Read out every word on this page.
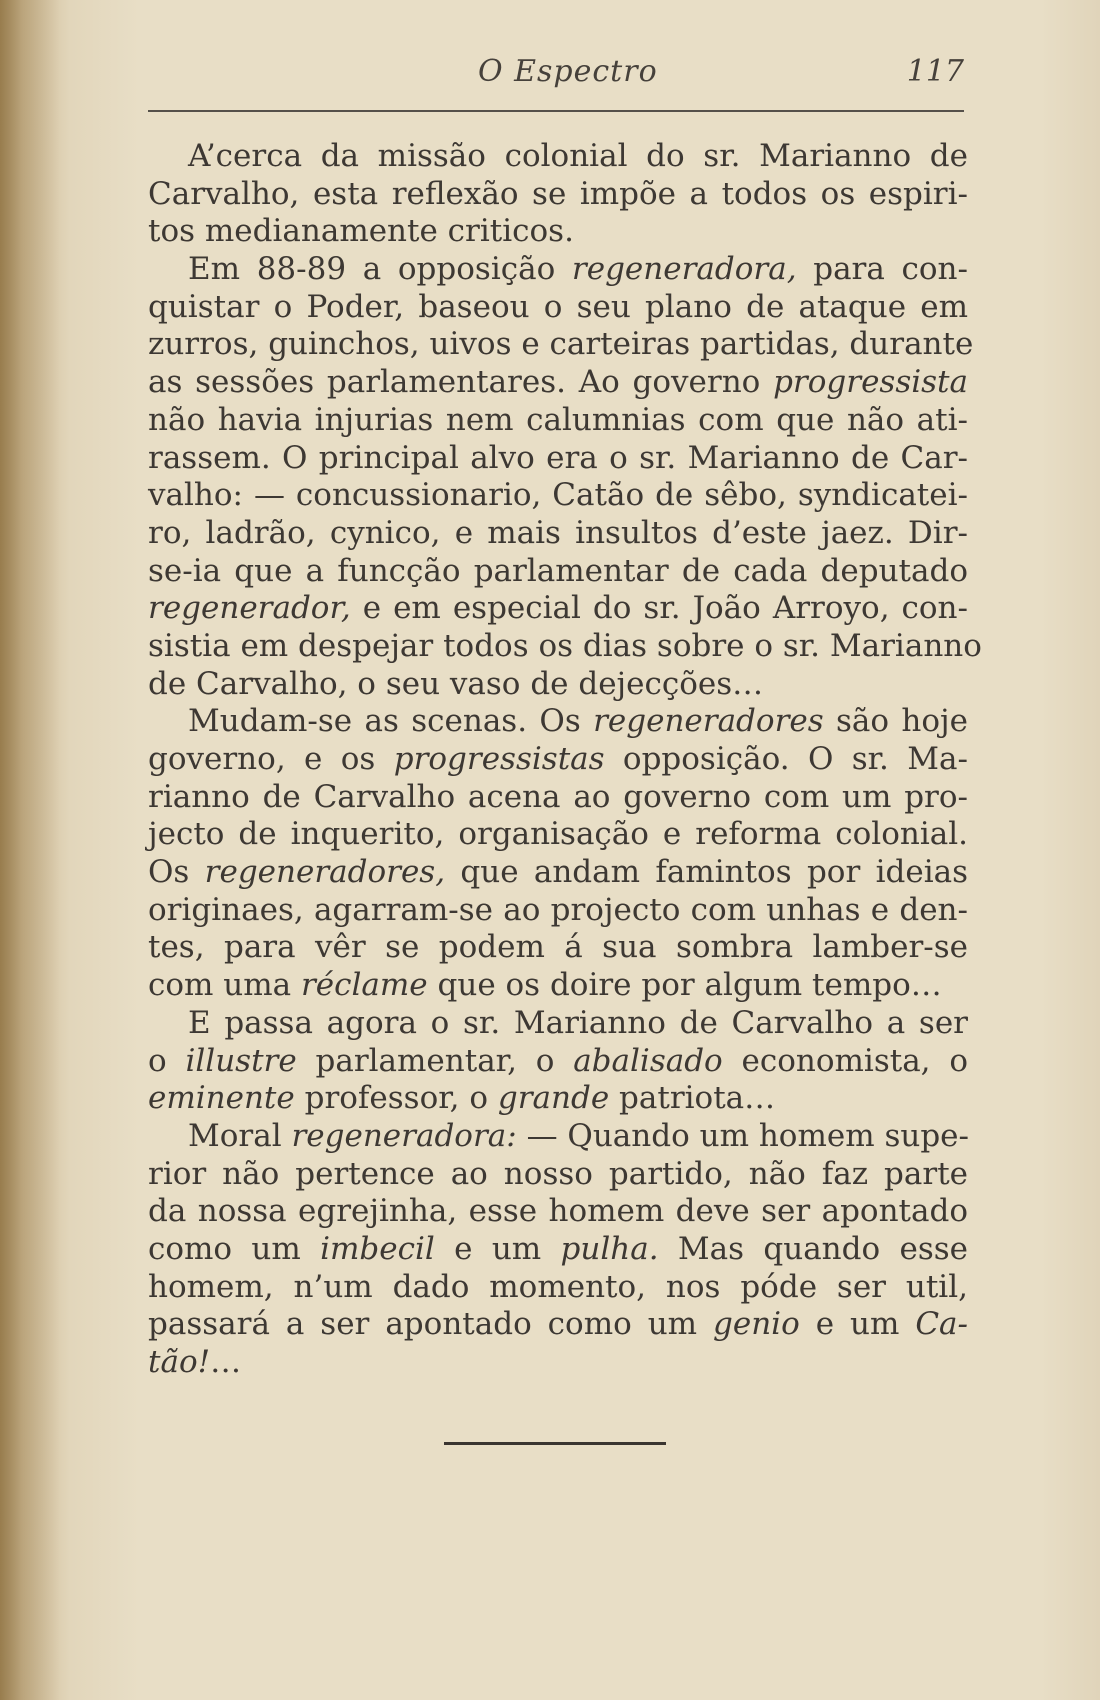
O Espectro	117
A’cerca da missão colonial do sr. Marianno de
Carvalho, esta reflexão se impõe a todos os espiri-
tos medianamente criticos.
Em 88-89 a opposição regeneradora, para con-
quistar o Poder, baseou o seu plano de ataque em
zurros, guinchos, uivos e carteiras partidas, durante
as sessões parlamentares. Ao governo progressista
não havia injurias nem calumnias com que não ati-
rassem. O principal alvo era o sr. Marianno de Car-
valho: — concussionario, Catão de sêbo, syndicatei-
ro, ladrão, cynico, e mais insultos d’este jaez. Dir-
se-ia que a funcção parlamentar de cada deputado
regenerador, e em especial do sr. João Arroyo, con-
sistia em despejar todos os dias sobre o sr. Marianno
de Carvalho, o seu vaso de dejecções…
Mudam-se as scenas. Os regeneradores são hoje
governo, e os progressistas opposição. O sr. Ma-
rianno de Carvalho acena ao governo com um pro-
jecto de inquerito, organisação e reforma colonial.
Os regeneradores, que andam famintos por ideias
originaes, agarram-se ao projecto com unhas e den-
tes, para vêr se podem á sua sombra lamber-se
com uma réclame que os doire por algum tempo…
E passa agora o sr. Marianno de Carvalho a ser
o illustre parlamentar, o abalisado economista, o
eminente professor, o grande patriota…
Moral regeneradora: — Quando um homem supe-
rior não pertence ao nosso partido, não faz parte
da nossa egrejinha, esse homem deve ser apontado
como um imbecil e um pulha. Mas quando esse
homem, n’um dado momento, nos póde ser util,
passará a ser apontado como um genio e um Ca-
tão!…
